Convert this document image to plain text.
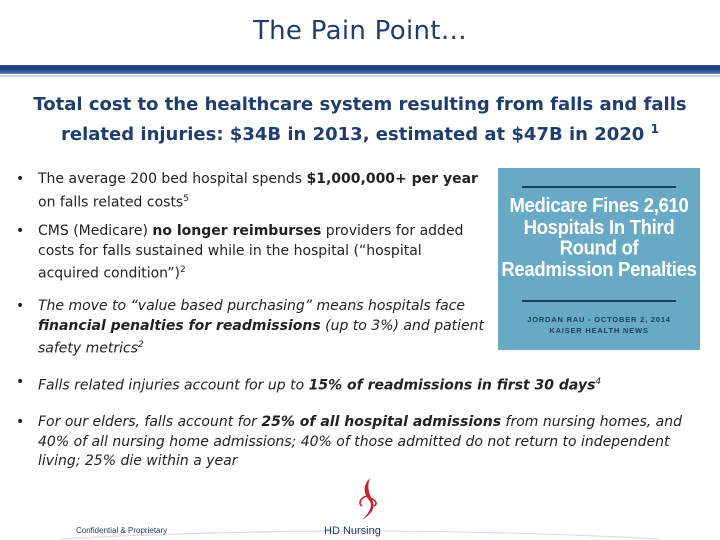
The Pain Point…
Total cost to the healthcare system resulting from falls and falls
related injuries: $34B in 2013, estimated at $47B in 2020 $^1$
• The average 200 bed hospital spends $1,000,000+ per year on falls related costs$^5$
• CMS (Medicare) no longer reimburses providers for added costs for falls sustained while in the hospital (“hospital acquired condition”)$^2$
• The move to “value based purchasing” means hospitals face financial penalties for readmissions (up to 3%) and patient safety metrics$^2$
• Falls related injuries account for up to 15% of readmissions in first 30 days$^4$
• For our elders, falls account for 25% of all hospital admissions from nursing homes, and 40% of all nursing home admissions; 40% of those admitted do not return to independent living; 25% die within a year
Medicare Fines 2,610
Hospitals In Third
Round of
Readmission Penalties
JORDAN RAU - OCTOBER 2, 2014
KAISER HEALTH NEWS
Confidential & Proprietary	HD Nursing
